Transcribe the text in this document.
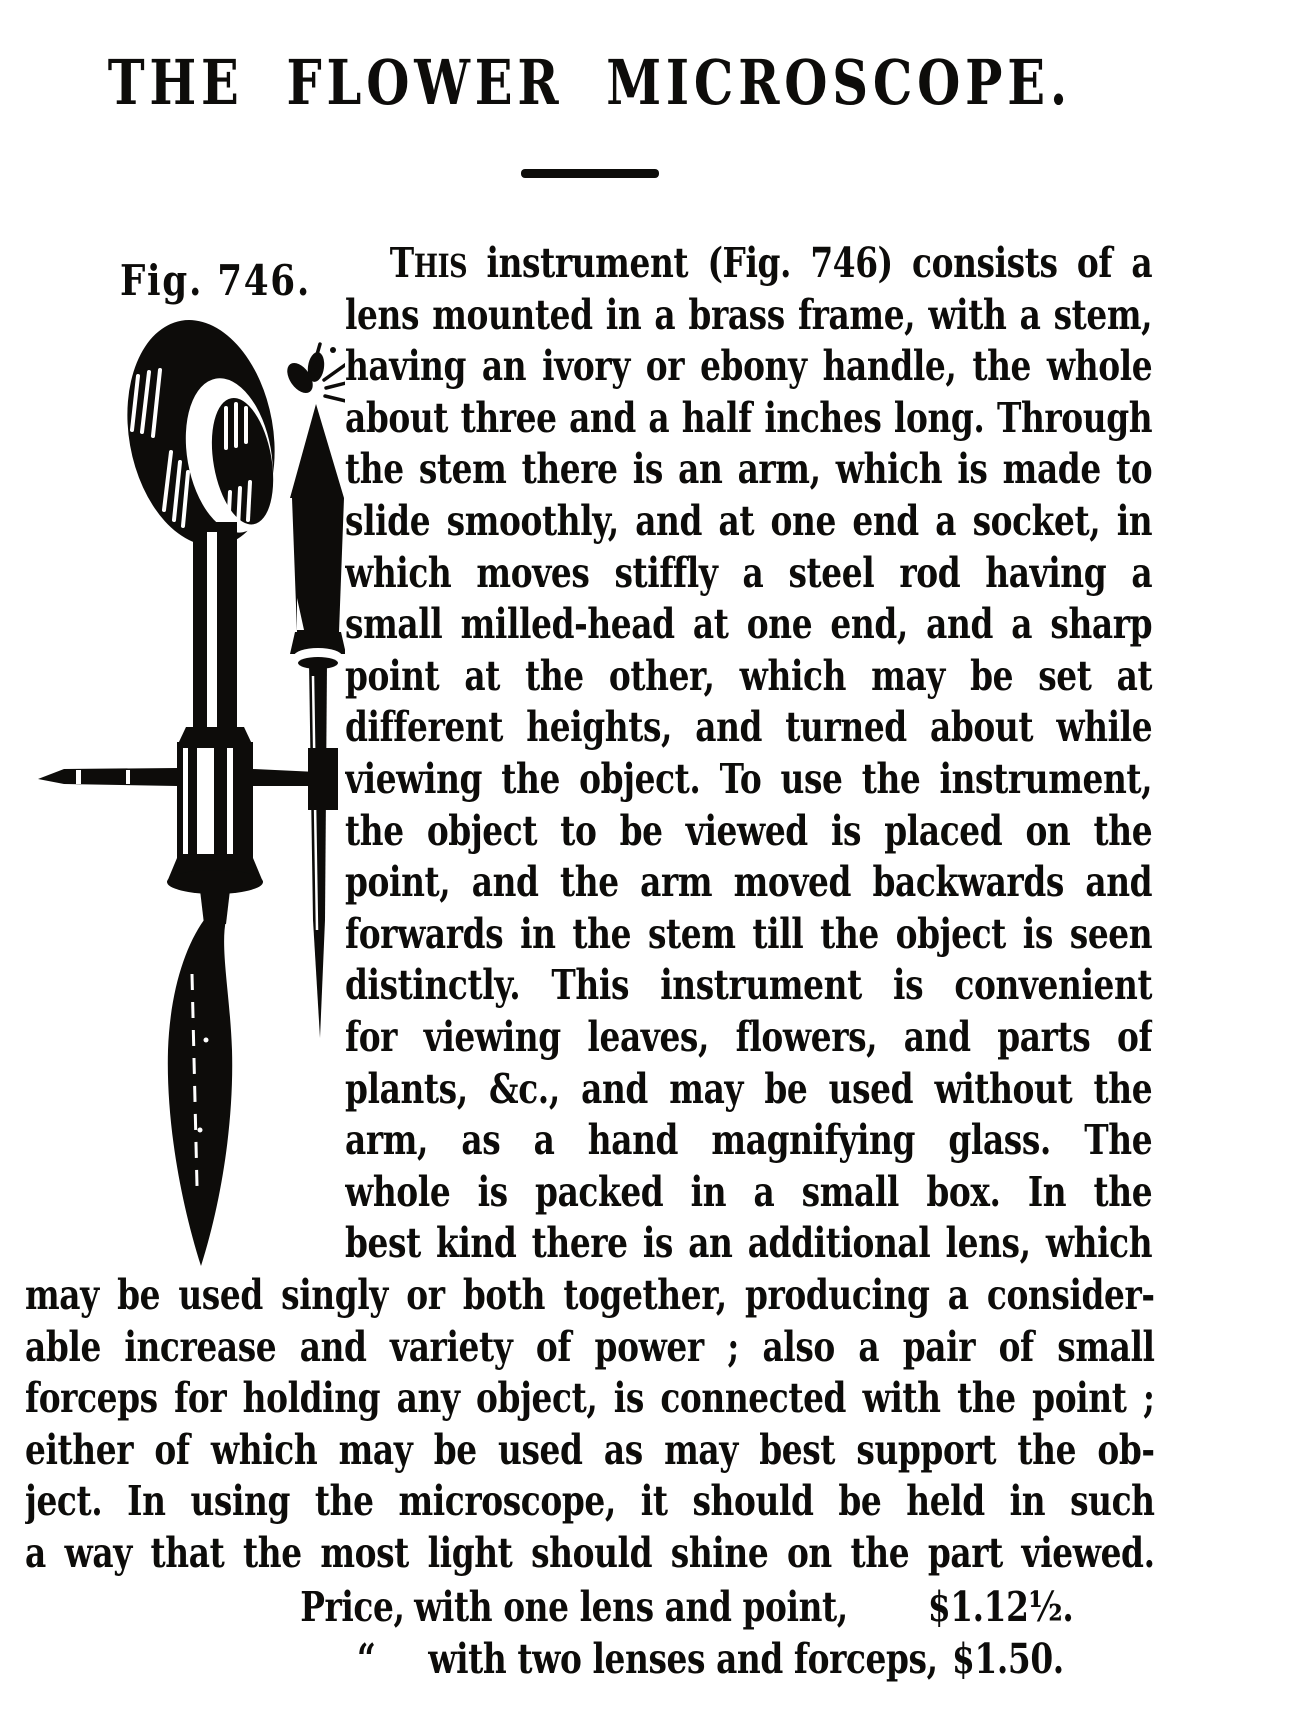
THE FLOWER MICROSCOPE.
Fig. 746.	THIS instrument (Fig. 746) consists of a
lens mounted in a brass frame, with a stem,
having an ivory or ebony handle, the whole
about three and a half inches long. Through
the stem there is an arm, which is made to
slide smoothly, and at one end a socket, in
which moves stiffly a steel rod having a
small milled-head at one end, and a sharp
point at the other, which may be set at
different heights, and turned about while
viewing the object. To use the instrument,
the object to be viewed is placed on the
point, and the arm moved backwards and
forwards in the stem till the object is seen
distinctly. This instrument is convenient
for viewing leaves, flowers, and parts of
plants, &c., and may be used without the
arm, as a hand magnifying glass. The
whole is packed in a small box. In the
best kind there is an additional lens, which
may be used singly or both together, producing a consider-
able increase and variety of power ; also a pair of small
forceps for holding any object, is connected with the point ;
either of which may be used as may best support the ob-
ject. In using the microscope, it should be held in such
a way that the most light should shine on the part viewed.
Price, with one lens and point, $1.12½.
“ with two lenses and forceps, $1.50.
